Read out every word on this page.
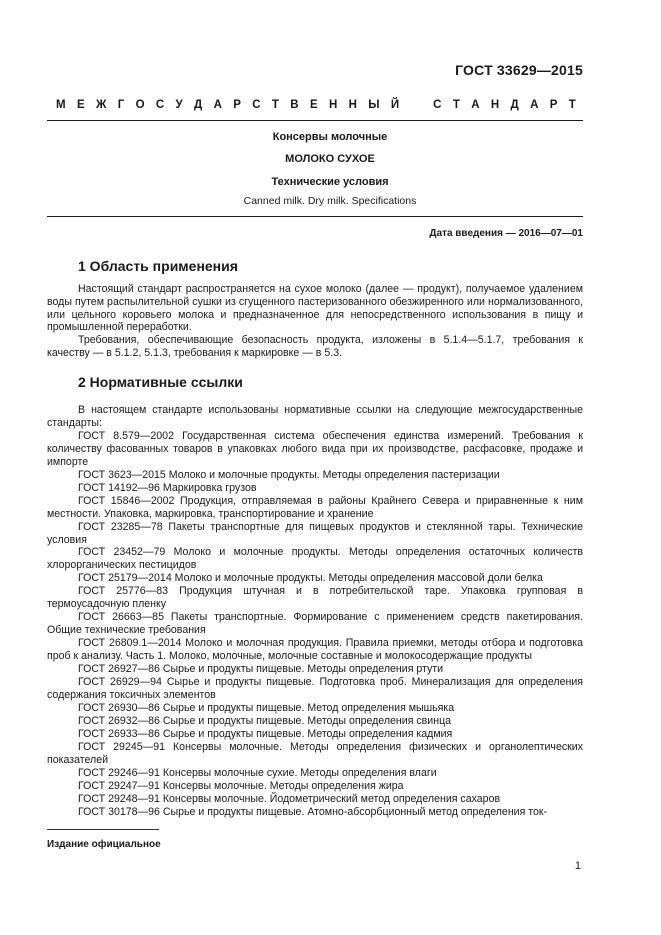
ГОСТ 33629—2015
М Е Ж Г О С У Д А Р С Т В Е Н Н Ы Й	С Т А Н Д А Р Т
Консервы молочные
МОЛОКО СУХОЕ
Технические условия
Canned milk. Dry milk. Specifications
Дата введения — 2016—07—01
1 Область применения

Настоящий стандарт распространяется на сухое молоко (далее — продукт), получаемое удалением воды путем распылительной сушки из сгущенного пастеризованного обезжиренного или нормализованного, или цельного коровьего молока и предназначенное для непосредственного использования в пищу и промышленной переработки.

Требования, обеспечивающие безопасность продукта, изложены в 5.1.4—5.1.7, требования к качеству — в 5.1.2, 5.1.3, требования к маркировке — в 5.3.

2 Нормативные ссылки

В настоящем стандарте использованы нормативные ссылки на следующие межгосударственные стандарты:

ГОСТ 8.579—2002 Государственная система обеспечения единства измерений. Требования к количеству фасованных товаров в упаковках любого вида при их производстве, расфасовке, продаже и импорте

ГОСТ 3623—2015 Молоко и молочные продукты. Методы определения пастеризации

ГОСТ 14192—96 Маркировка грузов

ГОСТ 15846—2002 Продукция, отправляемая в районы Крайнего Севера и приравненные к ним местности. Упаковка, маркировка, транспортирование и хранение

ГОСТ 23285—78 Пакеты транспортные для пищевых продуктов и стеклянной тары. Технические условия

ГОСТ 23452—79 Молоко и молочные продукты. Методы определения остаточных количеств хлорорганических пестицидов

ГОСТ 25179—2014 Молоко и молочные продукты. Методы определения массовой доли белка

ГОСТ 25776—83 Продукция штучная и в потребительской таре. Упаковка групповая в термоусадочную пленку

ГОСТ 26663—85 Пакеты транспортные. Формирование с применением средств пакетирования. Общие технические требования

ГОСТ 26809.1—2014 Молоко и молочная продукция. Правила приемки, методы отбора и подготовка проб к анализу. Часть 1. Молоко, молочные, молочные составные и молокосодержащие продукты

ГОСТ 26927—86 Сырье и продукты пищевые. Методы определения ртути

ГОСТ 26929—94 Сырье и продукты пищевые. Подготовка проб. Минерализация для определения содержания токсичных элементов

ГОСТ 26930—86 Сырье и продукты пищевые. Метод определения мышьяка

ГОСТ 26932—86 Сырье и продукты пищевые. Методы определения свинца

ГОСТ 26933—86 Сырье и продукты пищевые. Методы определения кадмия

ГОСТ 29245—91 Консервы молочные. Методы определения физических и органолептических показателей

ГОСТ 29246—91 Консервы молочные сухие. Методы определения влаги

ГОСТ 29247—91 Консервы молочные. Методы определения жира

ГОСТ 29248—91 Консервы молочные. Йодометрический метод определения сахаров

ГОСТ 30178—96 Сырье и продукты пищевые. Атомно-абсорбционный метод определения ток-

Издание официальное
1
